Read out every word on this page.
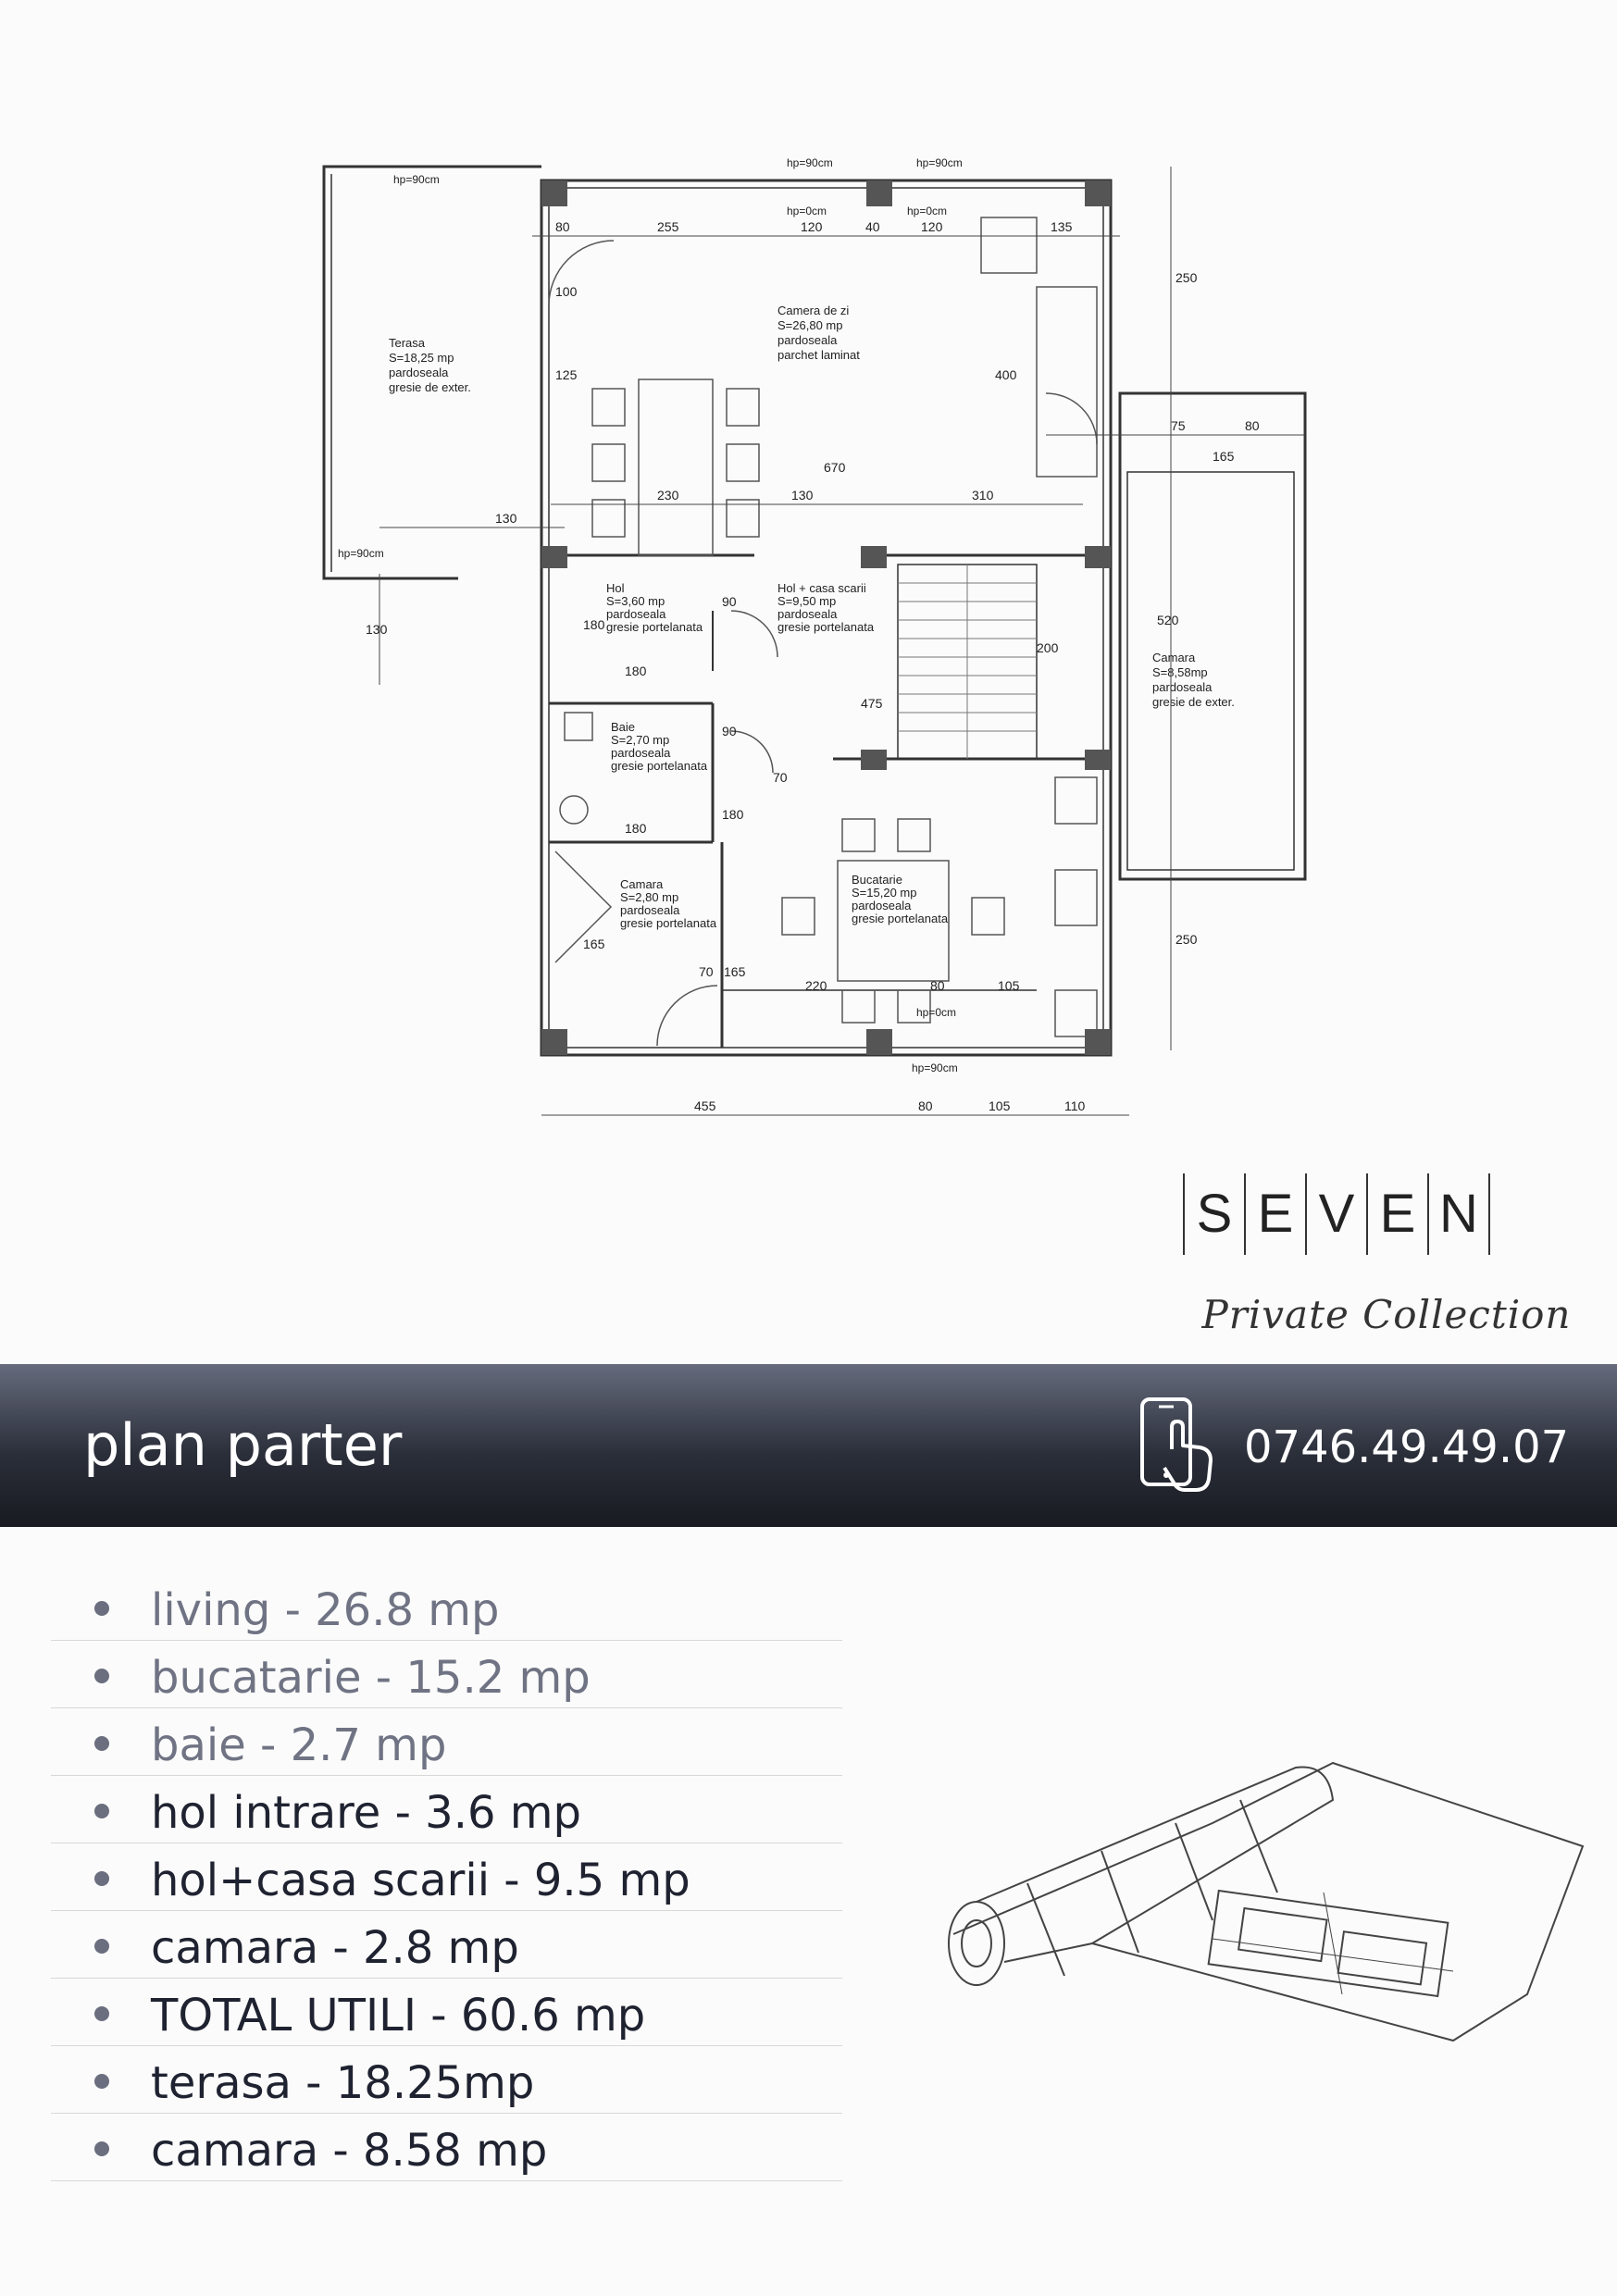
Terasa
S=18,25 mp
pardoseala
gresie de exter.
Camera de zi
S=26,80 mp
pardoseala
parchet laminat
Hol
S=3,60 mp
pardoseala
gresie portelanata
Hol + casa scarii
S=9,50 mp
pardoseala
gresie portelanata
Baie
S=2,70 mp
pardoseala
gresie portelanata
Camara
S=2,80 mp
pardoseala
gresie portelanata
Bucatarie
S=15,20 mp
pardoseala
gresie portelanata
Camara
S=8,58mp
pardoseala
gresie de exter.
hp=90cm
hp=90cm	hp=90cm
hp=0cm	hp=0cm
hp=90cm
hp=0cm
hp=90cm
80	255	120	40	120	135
250
100
125	400
670
230	130	310
75	80
165
130
130	180
90
520
180
200
475
90
70
180
180
165
70 165
220	80	105
250
455	80	105	110
S E V E N
Private Collection
plan parter	0746.49.49.07
living - 26.8 mp
bucatarie - 15.2 mp
baie - 2.7 mp
hol intrare - 3.6 mp
hol+casa scarii - 9.5 mp
camara - 2.8 mp
TOTAL UTILI - 60.6 mp
terasa - 18.25mp
camara - 8.58 mp
